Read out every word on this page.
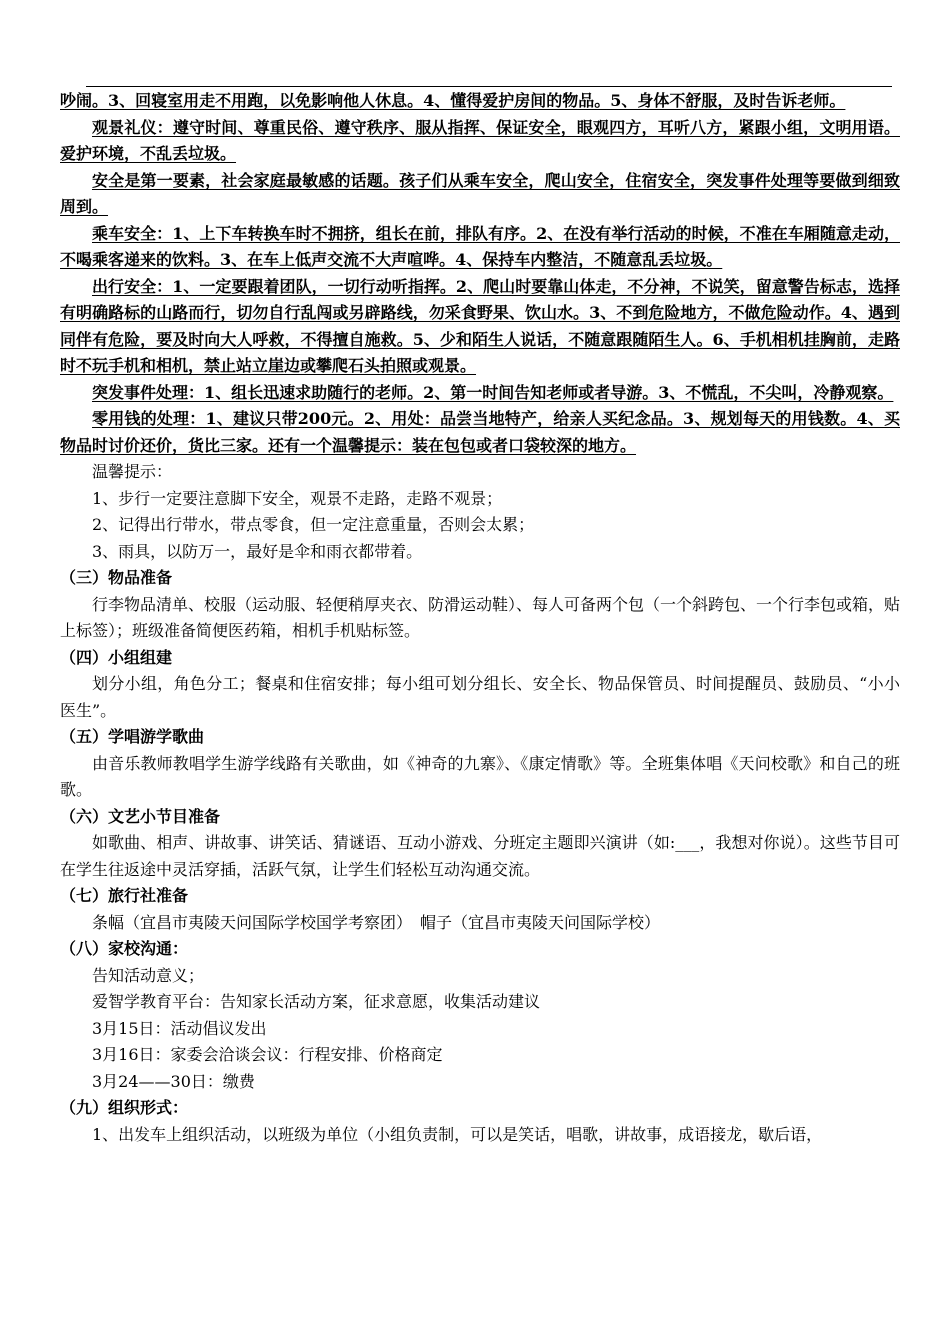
吵闹。3、回寝室用走不用跑，以免影响他人休息。4、懂得爱护房间的物品。5、身体不舒服，及时告诉老师。

观景礼仪：遵守时间、尊重民俗、遵守秩序、服从指挥、保证安全，眼观四方，耳听八方，紧跟小组，文明用语。爱护环境，不乱丢垃圾。

安全是第一要素，社会家庭最敏感的话题。孩子们从乘车安全，爬山安全，住宿安全，突发事件处理等要做到细致周到。

乘车安全：1、上下车转换车时不拥挤，组长在前，排队有序。2、在没有举行活动的时候，不准在车厢随意走动，不喝乘客递来的饮料。3、在车上低声交流不大声喧哗。4、保持车内整洁，不随意乱丢垃圾。

出行安全：1、一定要跟着团队，一切行动听指挥。2、爬山时要靠山体走，不分神，不说笑，留意警告标志，选择有明确路标的山路而行，切勿自行乱闯或另辟路线，勿采食野果、饮山水。3、不到危险地方，不做危险动作。4、遇到同伴有危险，要及时向大人呼救，不得擅自施救。5、少和陌生人说话，不随意跟随陌生人。6、手机相机挂胸前，走路时不玩手机和相机，禁止站立崖边或攀爬石头拍照或观景。

突发事件处理：1、组长迅速求助随行的老师。2、第一时间告知老师或者导游。3、不慌乱，不尖叫，冷静观察。

零用钱的处理：1、建议只带200元。2、用处：品尝当地特产，给亲人买纪念品。3、规划每天的用钱数。4、买物品时讨价还价，货比三家。还有一个温馨提示：装在包包或者口袋较深的地方。

温馨提示：

1、步行一定要注意脚下安全，观景不走路，走路不观景；

2、记得出行带水，带点零食，但一定注意重量，否则会太累；

3、雨具，以防万一，最好是伞和雨衣都带着。

（三）物品准备

行李物品清单、校服（运动服、轻便稍厚夹衣、防滑运动鞋）、每人可备两个包（一个斜跨包、一个行李包或箱，贴上标签）；班级准备简便医药箱，相机手机贴标签。

（四）小组组建

划分小组，角色分工；餐桌和住宿安排；每小组可划分组长、安全长、物品保管员、时间提醒员、鼓励员、“小小医生”。

（五）学唱游学歌曲

由音乐教师教唱学生游学线路有关歌曲，如《神奇的九寨》、《康定情歌》等。全班集体唱《天问校歌》和自己的班歌。

（六）文艺小节目准备

如歌曲、相声、讲故事、讲笑话、猜谜语、互动小游戏、分班定主题即兴演讲（如:___，我想对你说）。这些节目可在学生往返途中灵活穿插，活跃气氛，让学生们轻松互动沟通交流。

（七）旅行社准备

条幅（宜昌市夷陵天问国际学校国学考察团）　帽子（宜昌市夷陵天问国际学校）

（八）家校沟通：

告知活动意义；

爱智学教育平台：告知家长活动方案，征求意愿，收集活动建议

3月15日：活动倡议发出

3月16日：家委会洽谈会议：行程安排、价格商定

3月24——30日：缴费

（九）组织形式：

1、出发车上组织活动，以班级为单位（小组负责制，可以是笑话，唱歌，讲故事，成语接龙，歇后语，
